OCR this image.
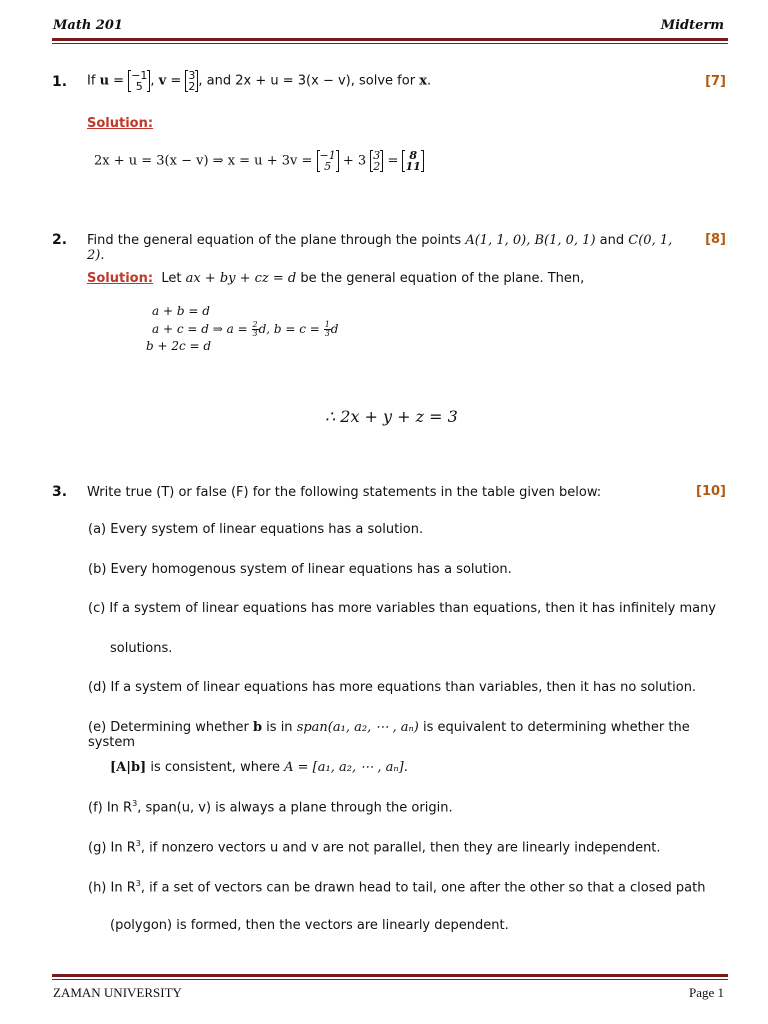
Math 201	Midterm
1. If u = −1
5 , v = 3
2 , and 2x + u = 3(x − v), solve for x.	[7]
Solution:
2x + u = 3(x − v) ⇒ x = u + 3v = −1
5 + 3 3
2 = 8
11
2. Find the general equation of the plane through the points A(1, 1, 0), B(1, 0, 1) and C(0, 1, 2).
[8]
Solution: Let ax + by + cz = d be the general equation of the plane. Then,
a + b = d
a + c = d ⇒ $a = \frac{2}{3} d$, $b = c = \frac{1}{3}$ d
b + 2c = d
∴ 2x + y + z = 3
3. Write true (T) or false (F) for the following statements in the table given below:	[10]
(a) Every system of linear equations has a solution.
(b) Every homogenous system of linear equations has a solution.
(c) If a system of linear equations has more variables than equations, then it has infinitely many
solutions.
(d) If a system of linear equations has more equations than variables, then it has no solution.
(e) Determining whether b is in span(a₁, a₂, ⋯ , aₙ) is equivalent to determining whether the system
[A|b] is consistent, where A = [a₁, a₂, ⋯ , aₙ].
(f) In $R^3$, span(u, v) is always a plane through the origin.
(g) In $R^3$, if nonzero vectors u and v are not parallel, then they are linearly independent.
(h) In $R^3$, if a set of vectors can be drawn head to tail, one after the other so that a closed path
(polygon) is formed, then the vectors are linearly dependent.
ZAMAN UNIVERSITY	Page 1
